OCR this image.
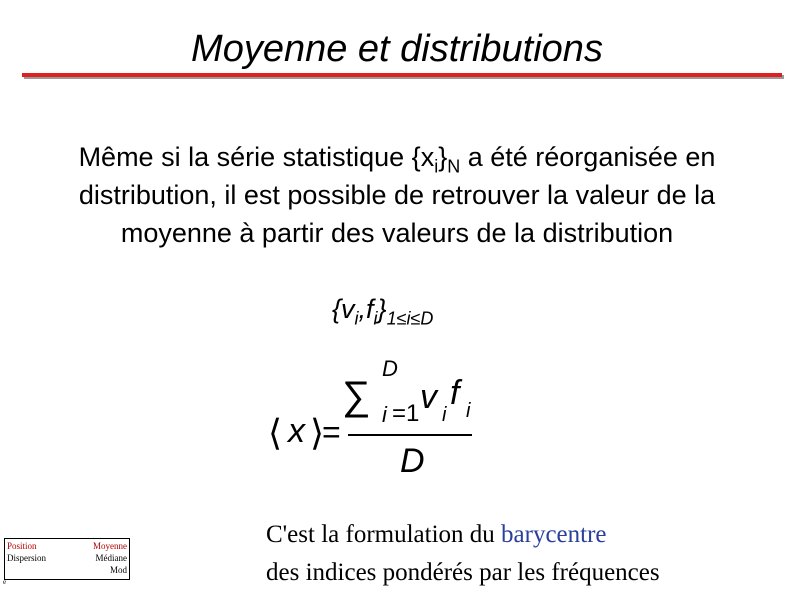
Moyenne et distributions
Même si la série statistique $\{x_i\}_N$ a été réorganisée en distribution, il est possible de retrouver la valeur de la moyenne à partir des valeurs de la distribution
$\{v_i,f_i\}_{1\le i\le D}$
D
∑ i =1 v i
f i
⟨ x ⟩
=
D
Position
Dispersion
Moyenne
Médiane
Mod
e
C'est la formulation du barycentre
des indices pondérés par les fréquences
